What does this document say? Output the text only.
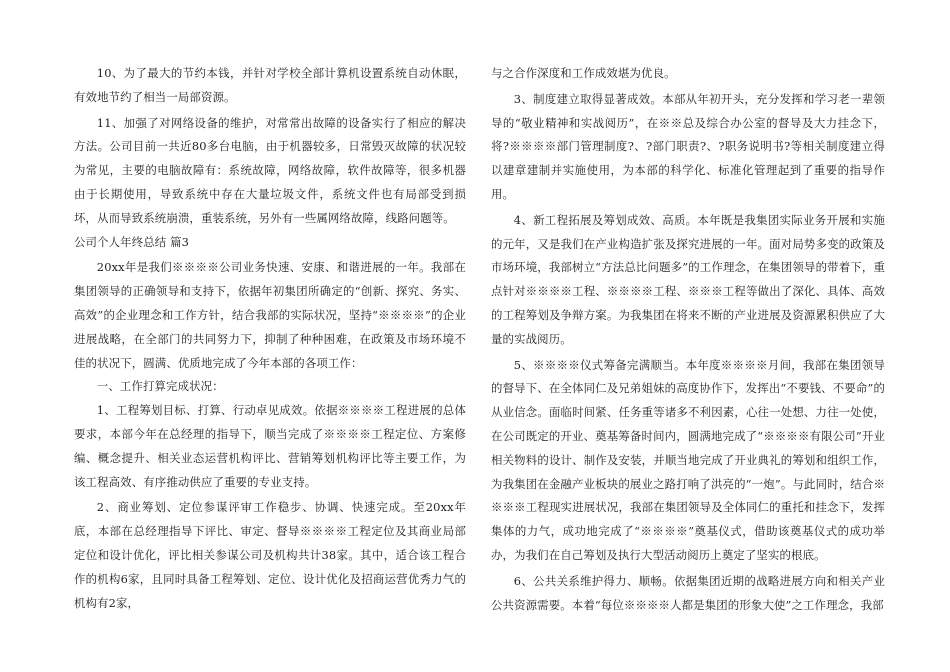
10、为了最大的节约本钱，并针对学校全部计算机设置系统自动休眠，有效地节约了相当一局部资源。

11、加强了对网络设备的维护，对常常出故障的设备实行了相应的解决方法。公司目前一共近80多台电脑，由于机器较多，日常毁灭故障的状况较为常见，主要的电脑故障有：系统故障，网络故障，软件故障等，很多机器由于长期使用，导致系统中存在大量垃圾文件，系统文件也有局部受到损坏，从而导致系统崩溃，重装系统，另外有一些属网络故障，线路问题等。

公司个人年终总结 篇3

20xx年是我们※※※※公司业务快速、安康、和谐进展的一年。我部在集团领导的正确领导和支持下，依据年初集团所确定的“创新、探究、务实、高效”的企业理念和工作方针，结合我部的实际状况，坚持“※※※※”的企业进展战略，在全部门的共同努力下，抑制了种种困难，在政策及市场环境不佳的状况下，圆满、优质地完成了今年本部的各项工作：

一、工作打算完成状况：

1、工程筹划目标、打算、行动卓见成效。依据※※※※工程进展的总体要求，本部今年在总经理的指导下，顺当完成了※※※※工程定位、方案修编、概念提升、相关业态运营机构评比、营销筹划机构评比等主要工作，为该工程高效、有序推动供应了重要的专业支持。

2、商业筹划、定位参谋评审工作稳步、协调、快速完成。至20xx年底，本部在总经理指导下评比、审定、督导※※※※工程定位及其商业局部定位和设计优化，评比相关参谋公司及机构共计38家。其中，适合该工程合作的机构6家，且同时具备工程筹划、定位、设计优化及招商运营优秀力气的机构有2家，

与之合作深度和工作成效堪为优良。

3、制度建立取得显著成效。本部从年初开头，充分发挥和学习老一辈领导的“敬业精神和实战阅历”，在※※总及综合办公室的督导及大力挂念下，将?※※※※部门管理制度?、?部门职责?、?职务说明书?等相关制度建立得以建章建制并实施使用，为本部的科学化、标准化管理起到了重要的指导作用。

4、新工程拓展及筹划成效、高质。本年既是我集团实际业务开展和实施的元年，又是我们在产业构造扩张及探究进展的一年。面对局势多变的政策及市场环境，我部树立“方法总比问题多”的工作理念，在集团领导的带着下，重点针对※※※※工程、※※※※工程、※※※工程等做出了深化、具体、高效的工程筹划及争辩方案。为我集团在将来不断的产业进展及资源累积供应了大量的实战阅历。

5、※※※※仪式筹备完满顺当。本年度※※※※月间，我部在集团领导的督导下、在全体同仁及兄弟姐妹的高度协作下，发挥出“不要钱、不要命”的从业信念。面临时间紧、任务重等诸多不利因素，心往一处想、力往一处使，在公司既定的开业、奠基筹备时间内，圆满地完成了“※※※※有限公司”开业相关物料的设计、制作及安装，并顺当地完成了开业典礼的筹划和组织工作，为我集团在金融产业板块的展业之路打响了洪亮的“一炮”。与此同时，结合※※※※工程现实进展状况，我部在集团领导及全体同仁的重托和挂念下，发挥集体的力气，成功地完成了“※※※※”奠基仪式，借助该奠基仪式的成功举办，为我们在自己筹划及执行大型活动阅历上奠定了坚实的根底。

6、公共关系维护得力、顺畅。依据集团近期的战略进展方向和相关产业公共资源需要。本着“每位※※※※人都是集团的形象大使”之工作理念，我部
